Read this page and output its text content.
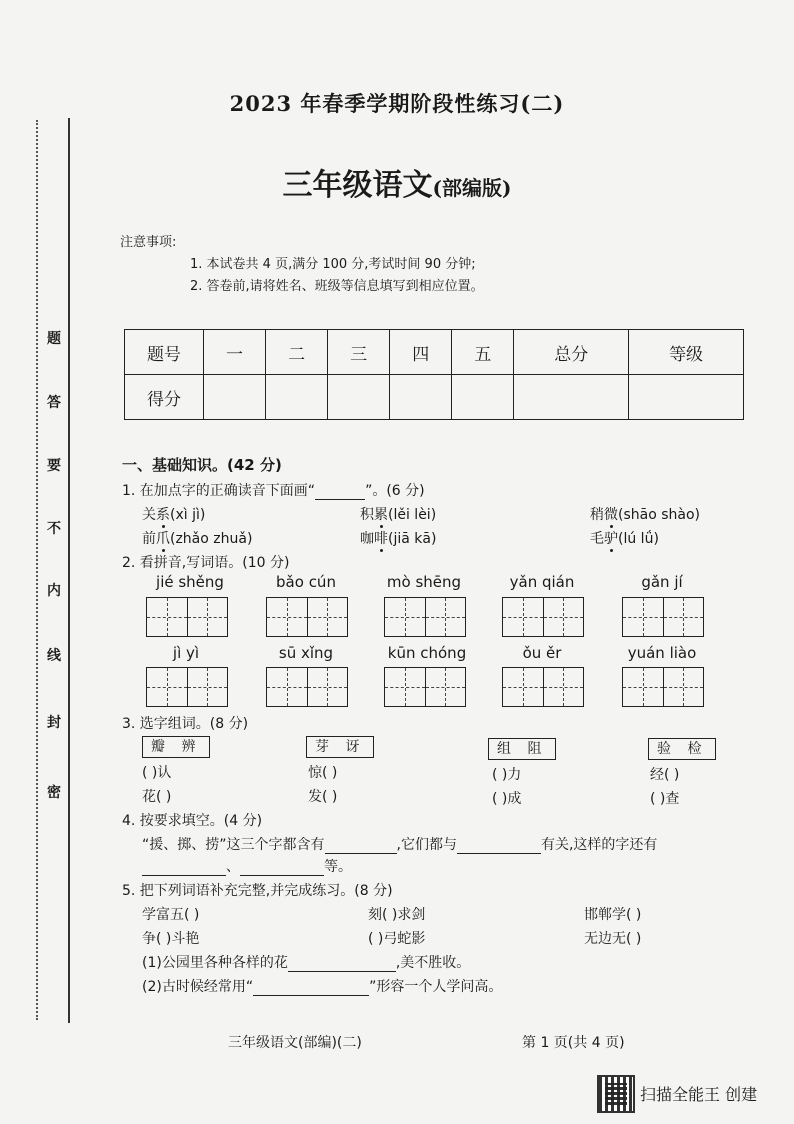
题
答
要
不
内
线
封
密
2023 年春季学期阶段性练习(二)
三年级语文(部编版)
注意事项:
1. 本试卷共 4 页,满分 100 分,考试时间 90 分钟;
2. 答卷前,请将姓名、班级等信息填写到相应位置。
题号	一	二	三	四	五	总分	等级
得分							
一、基础知识。(42 分)
1. 在加点字的正确读音下面画“	”。(6 分)
关系(xì jì)	积累(lěi lèi)	稍微(shāo shào)
前爪(zhǎo zhuǎ)	咖啡(jiā kā)	毛驴(lú lǘ)
2. 看拼音,写词语。(10 分)
jié shěng	bǎo cún	mò shēng	yǎn qián	gǎn jí
jì yì	sū xǐng	kūn chóng	ǒu ěr	yuán liào
3. 选字组词。(8 分)
瓣 辨	芽 讶	组 阻	验 检
( )认	惊( )	( )力	经( )
花( )	发( )	( )成	( )查
4. 按要求填空。(4 分)
“援、掷、捞”这三个字都含有	,它们都与	有关,这样的字还有
、	等。
5. 把下列词语补充完整,并完成练习。(8 分)
学富五( )	刻( )求剑	邯郸学( )
争( )斗艳	( )弓蛇影	无边无( )
(1)公园里各种各样的花	,美不胜收。
(2)古时候经常用“	”形容一个人学问高。
三年级语文(部编)(二)	第 1 页(共 4 页)
扫描全能王 创建
